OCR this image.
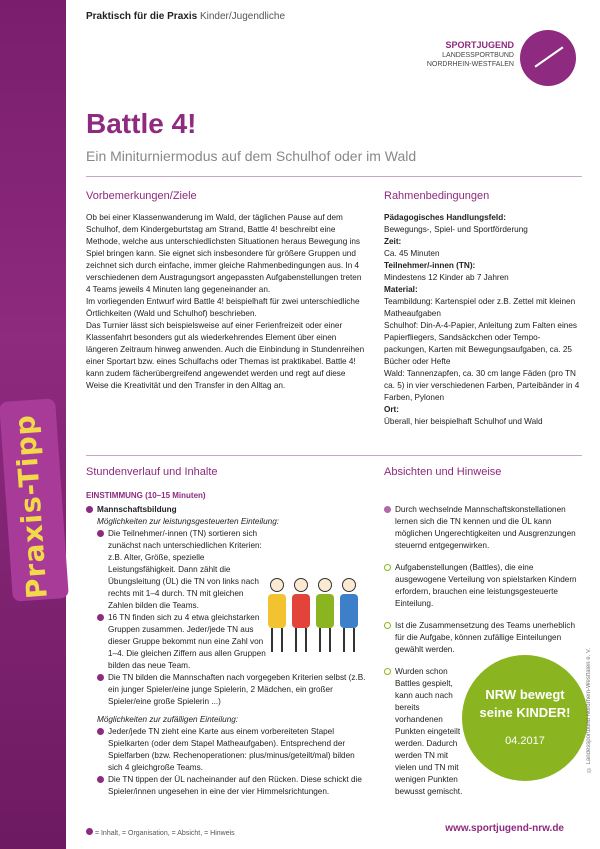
Praxis-Tipp
Praktisch für die Praxis Kinder/Jugendliche
SPORTJUGEND
LANDESSPORTBUND
NORDRHEIN-WESTFALEN
Battle 4!
Ein Miniturniermodus auf dem Schulhof oder im Wald
Vorbemerkungen/Ziele	Rahmenbedingungen

Ob bei einer Klassenwanderung im Wald, der täglichen Pause auf dem Schulhof, dem Kindergeburtstag am Strand, Battle 4! beschreibt eine Methode, welche aus unterschiedlichsten Situationen heraus Bewegung ins Spiel bringen kann. Sie eignet sich insbesondere für größere Gruppen und zeichnet sich durch einfache, immer gleiche Rahmenbedingungen aus. In 4 verschiedenen dem Austragungsort angepassten Aufgabenstellungen treten 4 Teams jeweils 4 Minuten lang gegeneinander an.

Im vorliegenden Entwurf wird Battle 4! beispielhaft für zwei unterschiedliche Örtlichkeiten (Wald und Schulhof) beschrieben.

Das Turnier lässt sich beispielsweise auf einer Ferienfreizeit oder einer Klassenfahrt besonders gut als wiederkehrendes Element über einen längeren Zeitraum hinweg anwenden. Auch die Einbindung in Stundenreihen einer Sportart bzw. eines Schulfachs oder Themas ist praktikabel. Battle 4! kann zudem fächerübergreifend angewendet werden und regt auf diese Weise die Kreativität und den Transfer in den Alltag an.

Pädagogisches Handlungsfeld:
Bewegungs-, Spiel- und Sportförderung

Zeit:
Ca. 45 Minuten

Teilnehmer/-innen (TN):
Mindestens 12 Kinder ab 7 Jahren

Material:

Teambildung: Kartenspiel oder z.B. Zettel mit kleinen Matheaufgaben

Schulhof: Din-A-4-Papier, Anleitung zum Falten eines Papierfliegers, Sandsäckchen oder Tempo-packungen, Karten mit Bewegungsaufgaben, ca. 25 Bücher oder Hefte

Wald: Tannenzapfen, ca. 30 cm lange Fäden (pro TN ca. 5) in vier verschiedenen Farben, Parteibänder in 4 Farben, Pylonen

Ort:
Überall, hier beispielhaft Schulhof und Wald

Stundenverlauf und Inhalte	Absichten und Hinweise
EINSTIMMUNG (10–15 Minuten)
Mannschaftsbildung

Möglichkeiten zur leistungsgesteuerten Einteilung:

Die Teilnehmer/-innen (TN) sortieren sich zunächst nach unterschiedlichen Kriterien: z.B. Alter, Größe, spezielle Leistungsfähigkeit. Dann zählt die Übungsleitung (ÜL) die TN von links nach rechts mit 1–4 durch. TN mit gleichen Zahlen bilden die Teams.

16 TN finden sich zu 4 etwa gleichstarken Gruppen zusammen. Jeder/jede TN aus dieser Gruppe bekommt nun eine Zahl von 1–4. Die gleichen Ziffern aus allen Gruppen bilden das neue Team.

Die TN bilden die Mannschaften nach vorgegeben Kriterien selbst (z.B. ein junger Spieler/eine junge Spielerin, 2 Mädchen, ein großer Spieler/eine große Spielerin ...)

Möglichkeiten zur zufälligen Einteilung:

Jeder/jede TN zieht eine Karte aus einem vorbereiteten Stapel Spielkarten (oder dem Stapel Matheaufgaben). Entsprechend der Spielfarben (bzw. Rechenoperationen: plus/minus/geteilt/mal) bilden sich 4 gleichgroße Teams.

Die TN tippen der ÜL nacheinander auf den Rücken. Diese schickt die Spieler/innen ungesehen in eine der vier Himmelsrichtungen.

Durch wechselnde Mannschaftskonstellationen lernen sich die TN kennen und die ÜL kann möglichen Ungerechtigkeiten und Ausgrenzungen steuernd entgegenwirken.

Aufgabenstellungen (Battles), die eine ausgewogene Verteilung von spielstarken Kindern erfordern, brauchen eine leistungsgesteuerte Einteilung.

Ist die Zusammensetzung des Teams unerheblich für die Aufgabe, können zufällige Einteilungen gewählt werden.

Wurden schon Battles gespielt, kann auch nach bereits vorhandenen Punkten eingeteilt werden. Dadurch werden TN mit vielen und TN mit wenigen Punkten bewusst gemischt.

NRW bewegt
seine KINDER!
04.2017	© Landessportbund Nordrhein-Westfalen e. V.
= Inhalt, = Organisation, = Absicht, = Hinweis	www.sportjugend-nrw.de
